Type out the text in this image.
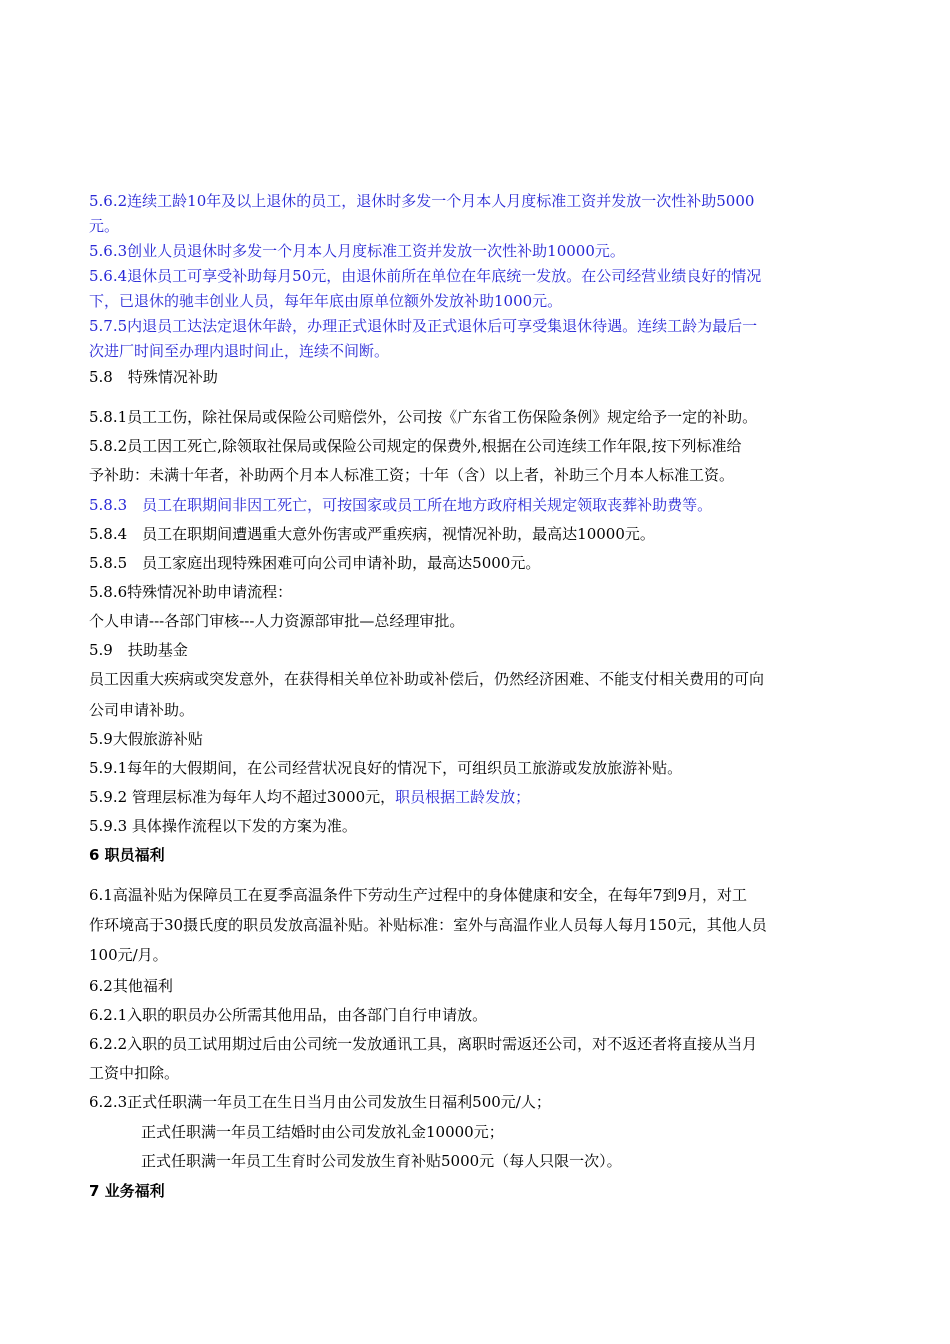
5.6.2连续工龄10年及以上退休的员工，退休时多发一个月本人月度标准工资并发放一次性补助5000
元。
5.6.3创业人员退休时多发一个月本人月度标准工资并发放一次性补助10000元。
5.6.4退休员工可享受补助每月50元，由退休前所在单位在年底统一发放。在公司经营业绩良好的情况
下，已退休的驰丰创业人员，每年年底由原单位额外发放补助1000元。
5.7.5内退员工达法定退休年龄，办理正式退休时及正式退休后可享受集退休待遇。连续工龄为最后一
次进厂时间至办理内退时间止，连续不间断。
5.8　特殊情况补助
5.8.1员工工伤，除社保局或保险公司赔偿外，公司按《广东省工伤保险条例》规定给予一定的补助。
5.8.2员工因工死亡,除领取社保局或保险公司规定的保费外,根据在公司连续工作年限,按下列标准给
予补助：未满十年者，补助两个月本人标准工资；十年（含）以上者，补助三个月本人标准工资。
5.8.3　员工在职期间非因工死亡，可按国家或员工所在地方政府相关规定领取丧葬补助费等。
5.8.4　员工在职期间遭遇重大意外伤害或严重疾病，视情况补助，最高达10000元。
5.8.5　员工家庭出现特殊困难可向公司申请补助，最高达5000元。
5.8.6特殊情况补助申请流程：
个人申请---各部门审核---人力资源部审批—总经理审批。
5.9　扶助基金
员工因重大疾病或突发意外，在获得相关单位补助或补偿后，仍然经济困难、不能支付相关费用的可向
公司申请补助。
5.9大假旅游补贴
5.9.1每年的大假期间，在公司经营状况良好的情况下，可组织员工旅游或发放旅游补贴。
5.9.2 管理层标准为每年人均不超过3000元，职员根据工龄发放；
5.9.3 具体操作流程以下发的方案为准。
6 职员福利
6.1高温补贴为保障员工在夏季高温条件下劳动生产过程中的身体健康和安全，在每年7到9月，对工
作环境高于30摄氏度的职员发放高温补贴。补贴标准：室外与高温作业人员每人每月150元，其他人员
100元/月。
6.2其他福利
6.2.1入职的职员办公所需其他用品，由各部门自行申请放。
6.2.2入职的员工试用期过后由公司统一发放通讯工具，离职时需返还公司，对不返还者将直接从当月
工资中扣除。
6.2.3正式任职满一年员工在生日当月由公司发放生日福利500元/人；
正式任职满一年员工结婚时由公司发放礼金10000元；
正式任职满一年员工生育时公司发放生育补贴5000元（每人只限一次）。
7 业务福利
